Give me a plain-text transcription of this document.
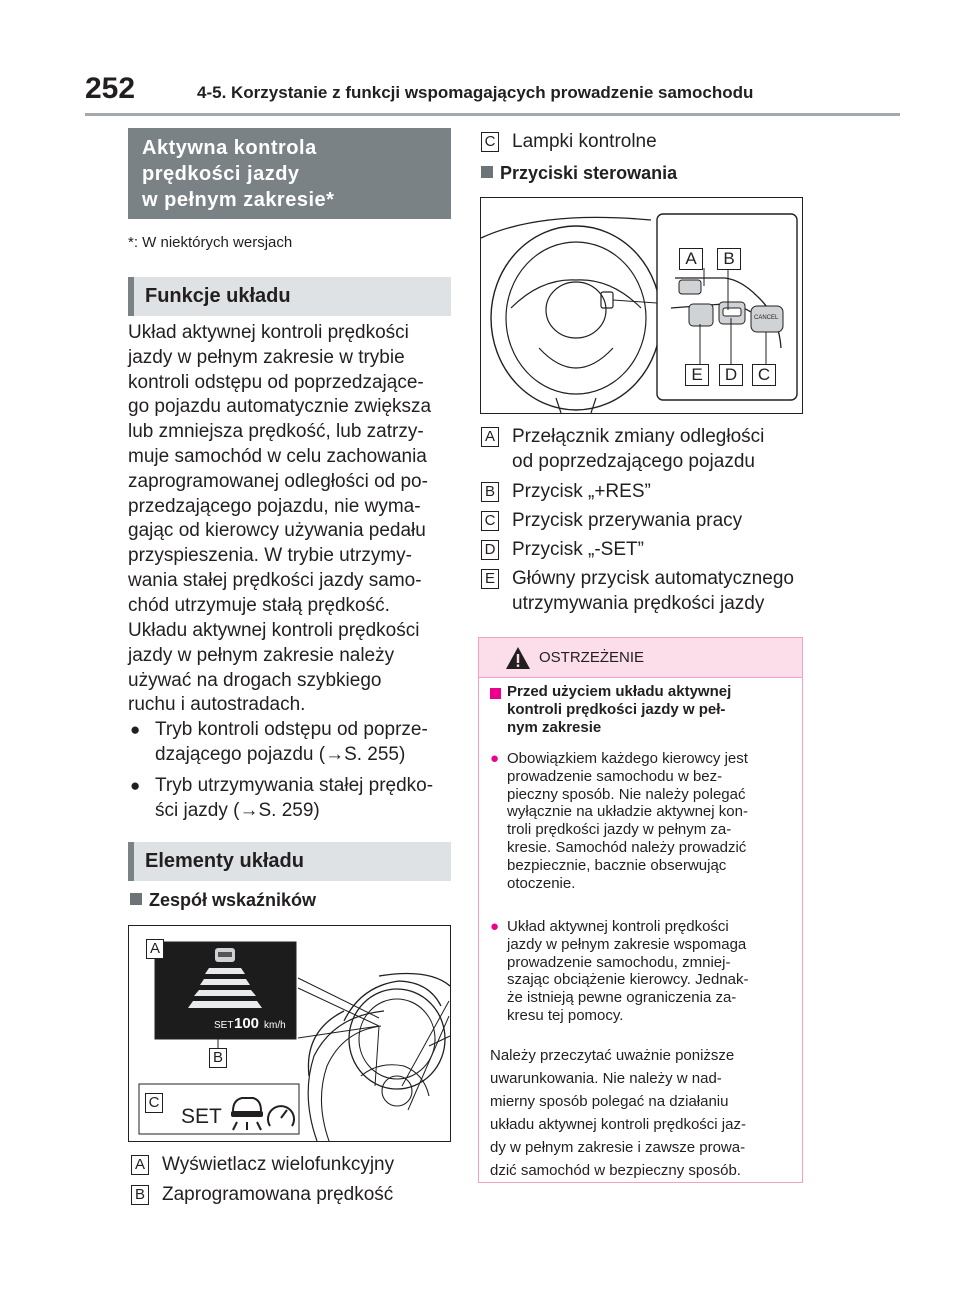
252	4-5. Korzystanie z funkcji wspomagających prowadzenie samochodu
Aktywna kontrola
prędkości jazdy
w pełnym zakresie*
*: W niektórych wersjach
Funkcje układu
Układ aktywnej kontroli prędkości
jazdy w pełnym zakresie w trybie
kontroli odstępu od poprzedzające-
go pojazdu automatycznie zwiększa
lub zmniejsza prędkość, lub zatrzy-
muje samochód w celu zachowania
zaprogramowanej odległości od po-
przedzającego pojazdu, nie wyma-
gając od kierowcy używania pedału
przyspieszenia. W trybie utrzymy-
wania stałej prędkości jazdy samo-
chód utrzymuje stałą prędkość.
Układu aktywnej kontroli prędkości
jazdy w pełnym zakresie należy
używać na drogach szybkiego
ruchu i autostradach.
● Tryb kontroli odstępu od poprze-
dzającego pojazdu (→S. 255)
● Tryb utrzymywania stałej prędko-
ści jazdy (→S. 259)
Elementy układu
Zespół wskaźników
SET 100 km/h
SET
A
B
C
A Wyświetlacz wielofunkcyjny
B Zaprogramowana prędkość
C Lampki kontrolne
Przyciski sterowania
CANCEL
A	B
E	D	C
A Przełącznik zmiany odległości
od poprzedzającego pojazdu
B Przycisk „+RES”
C Przycisk przerywania pracy
D Przycisk „-SET”
E Główny przycisk automatycznego
utrzymywania prędkości jazdy
OSTRZEŻENIE
Przed użyciem układu aktywnej
kontroli prędkości jazdy w peł-
nym zakresie
● Obowiązkiem każdego kierowcy jest
prowadzenie samochodu w bez-
pieczny sposób. Nie należy polegać
wyłącznie na układzie aktywnej kon-
troli prędkości jazdy w pełnym za-
kresie. Samochód należy prowadzić
bezpiecznie, bacznie obserwując
otoczenie.
● Układ aktywnej kontroli prędkości
jazdy w pełnym zakresie wspomaga
prowadzenie samochodu, zmniej-
szając obciążenie kierowcy. Jednak-
że istnieją pewne ograniczenia za-
kresu tej pomocy.
Należy przeczytać uważnie poniższe
uwarunkowania. Nie należy w nad-
mierny sposób polegać na działaniu
układu aktywnej kontroli prędkości jaz-
dy w pełnym zakresie i zawsze prowa-
dzić samochód w bezpieczny sposób.
